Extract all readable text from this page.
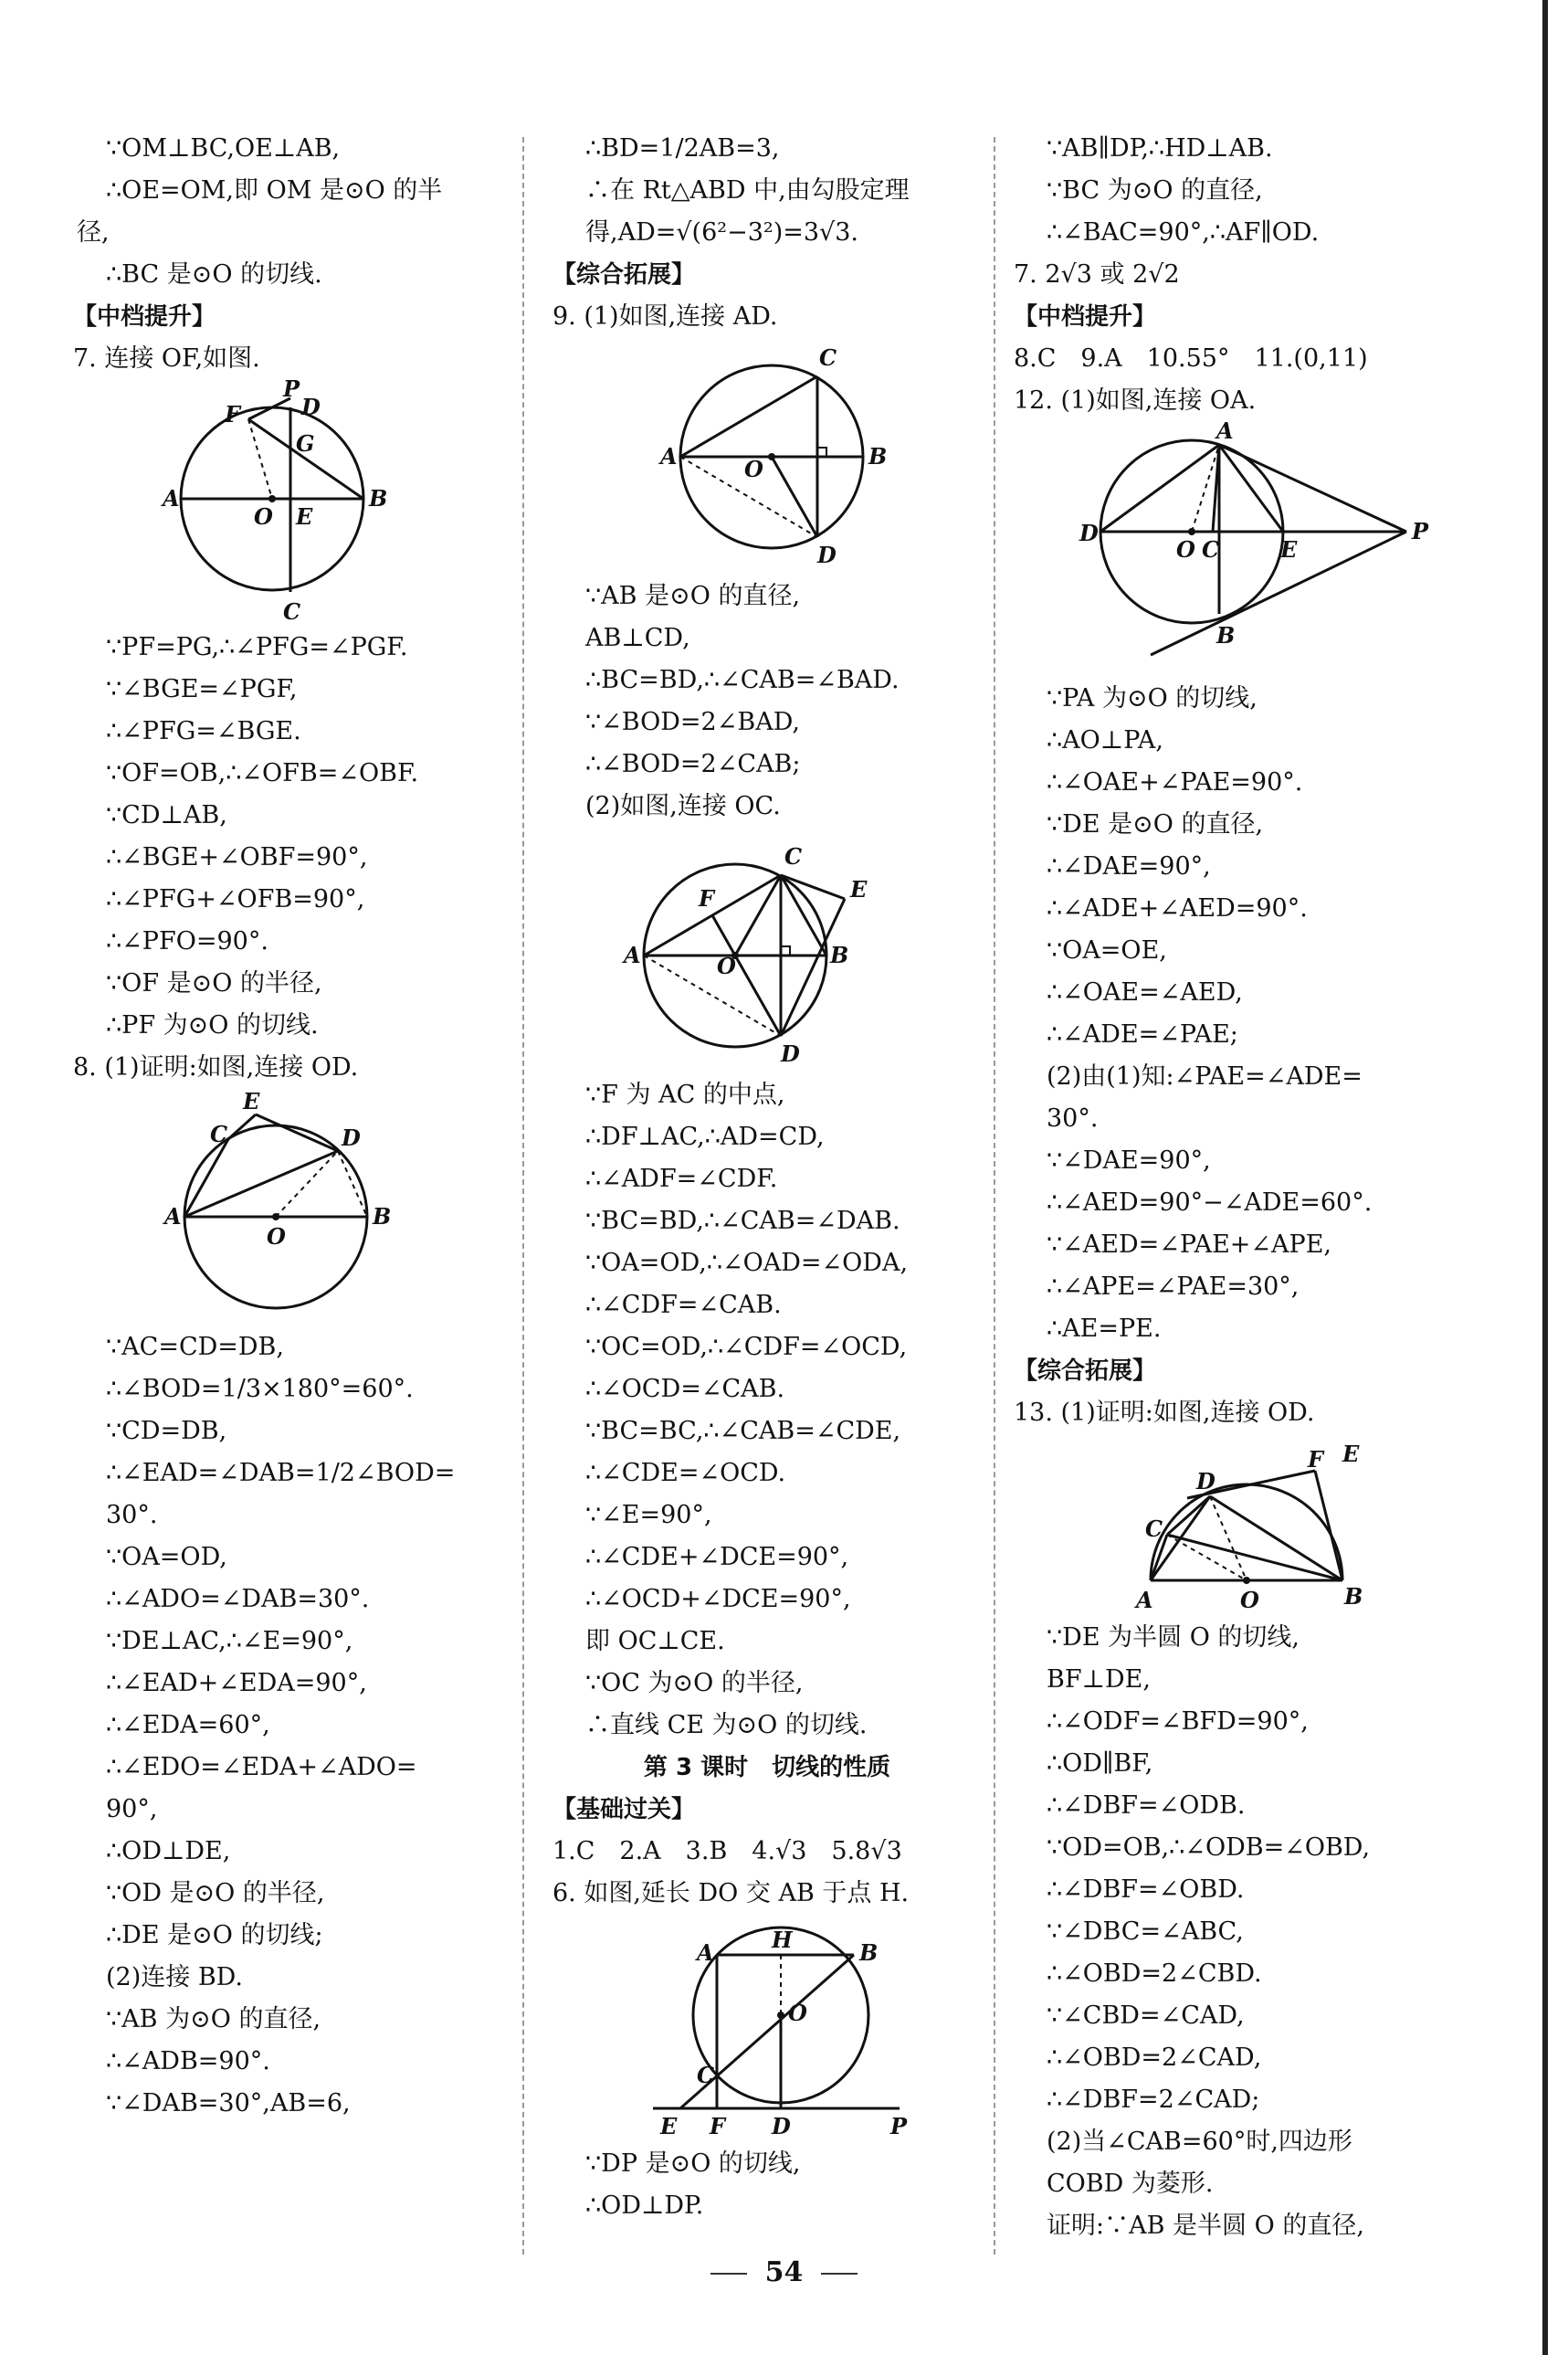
∵OM⊥BC,OE⊥AB,
∴OE=OM,即 OM 是⊙O 的半
径,
∴BC 是⊙O 的切线.
【中档提升】
7. 连接 OF,如图.
P
D
F
G
A
O E
B
C
∵PF=PG,∴∠PFG=∠PGF.
∵∠BGE=∠PGF,
∴∠PFG=∠BGE.
∵OF=OB,∴∠OFB=∠OBF.
∵CD⊥AB,
∴∠BGE+∠OBF=90°,
∴∠PFG+∠OFB=90°,
∴∠PFO=90°.
∵OF 是⊙O 的半径,
∴PF 为⊙O 的切线.
8. (1)证明:如图,连接 OD.
E
C	D
A
O
B
∵AC=CD=DB,
∴∠BOD=1/3×180°=60°.
∵CD=DB,
∴∠EAD=∠DAB=1/2∠BOD=
30°.
∵OA=OD,
∴∠ADO=∠DAB=30°.
∵DE⊥AC,∴∠E=90°,
∴∠EAD+∠EDA=90°,
∴∠EDA=60°,
∴∠EDO=∠EDA+∠ADO=
90°,
∴OD⊥DE,
∵OD 是⊙O 的半径,
∴DE 是⊙O 的切线;
(2)连接 BD.
∵AB 为⊙O 的直径,
∴∠ADB=90°.
∵∠DAB=30°,AB=6,
∴BD=1/2AB=3,
∴在 Rt△ABD 中,由勾股定理
得,AD=√(6²−3²)=3√3.
【综合拓展】
9. (1)如图,连接 AD.
C
A	O	B
D
∵AB 是⊙O 的直径,
AB⊥CD,
∴BC=BD,∴∠CAB=∠BAD.
∵∠BOD=2∠BAD,
∴∠BOD=2∠CAB;
(2)如图,连接 OC.
C
F	E
A	O	B
D
∵F 为 AC 的中点,
∴DF⊥AC,∴AD=CD,
∴∠ADF=∠CDF.
∵BC=BD,∴∠CAB=∠DAB.
∵OA=OD,∴∠OAD=∠ODA,
∴∠CDF=∠CAB.
∵OC=OD,∴∠CDF=∠OCD,
∴∠OCD=∠CAB.
∵BC=BC,∴∠CAB=∠CDE,
∴∠CDE=∠OCD.
∵∠E=90°,
∴∠CDE+∠DCE=90°,
∴∠OCD+∠DCE=90°,
即 OC⊥CE.
∵OC 为⊙O 的半径,
∴直线 CE 为⊙O 的切线.
第 3 课时　切线的性质
【基础过关】
1.C　2.A　3.B　4.√3　5.8√3
6. 如图,延长 DO 交 AB 于点 H.
A	H	B
O
C
E F D	P
∵DP 是⊙O 的切线,
∴OD⊥DP.
∵AB∥DP,∴HD⊥AB.
∵BC 为⊙O 的直径,
∴∠BAC=90°,∴AF∥OD.
7. 2√3 或 2√2
【中档提升】
8.C　9.A　10.55°　11.(0,11)
12. (1)如图,连接 OA.
A
D
O C	E
P
B
∵PA 为⊙O 的切线,
∴AO⊥PA,
∴∠OAE+∠PAE=90°.
∵DE 是⊙O 的直径,
∴∠DAE=90°,
∴∠ADE+∠AED=90°.
∵OA=OE,
∴∠OAE=∠AED,
∴∠ADE=∠PAE;
(2)由(1)知:∠PAE=∠ADE=
30°.
∵∠DAE=90°,
∴∠AED=90°−∠ADE=60°.
∵∠AED=∠PAE+∠APE,
∴∠APE=∠PAE=30°,
∴AE=PE.
【综合拓展】
13. (1)证明:如图,连接 OD.
F E
D
C
A	O	B
∵DE 为半圆 O 的切线,
BF⊥DE,
∴∠ODF=∠BFD=90°,
∴OD∥BF,
∴∠DBF=∠ODB.
∵OD=OB,∴∠ODB=∠OBD,
∴∠DBF=∠OBD.
∵∠DBC=∠ABC,
∴∠OBD=2∠CBD.
∵∠CBD=∠CAD,
∴∠OBD=2∠CAD,
∴∠DBF=2∠CAD;
(2)当∠CAB=60°时,四边形
COBD 为菱形.
证明:∵AB 是半圆 O 的直径,
54
